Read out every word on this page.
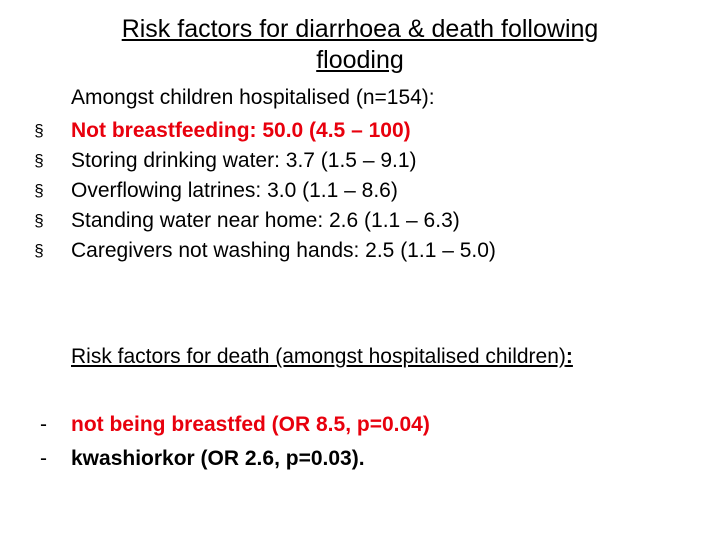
Risk factors for diarrhoea & death following
flooding
Amongst children hospitalised (n=154):
§ Not breastfeeding: 50.0 (4.5 – 100)
§ Storing drinking water: 3.7 (1.5 – 9.1)
§ Overflowing latrines: 3.0 (1.1 – 8.6)
§ Standing water near home: 2.6 (1.1 – 6.3)
§ Caregivers not washing hands: 2.5 (1.1 – 5.0)
Risk factors for death (amongst hospitalised children):
- not being breastfed (OR 8.5, p=0.04)
- kwashiorkor (OR 2.6, p=0.03).
